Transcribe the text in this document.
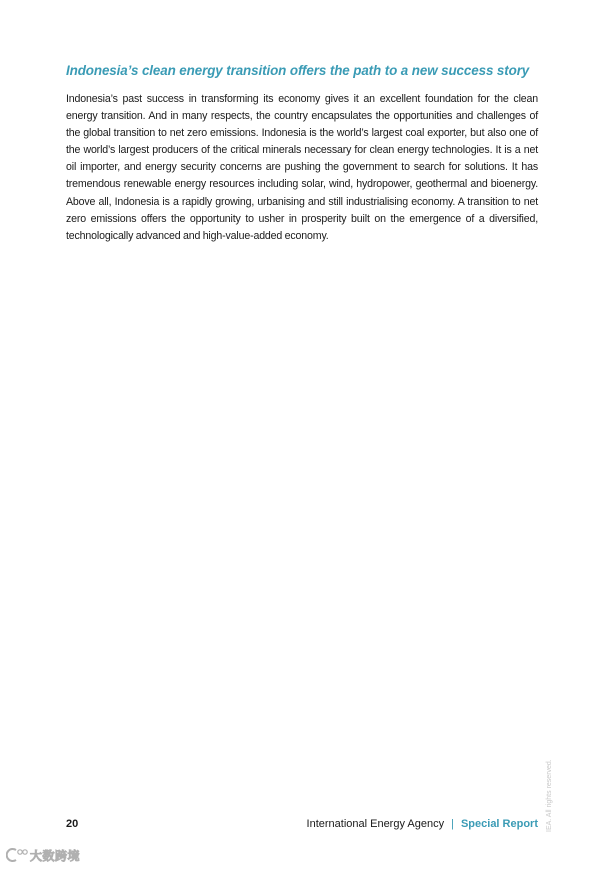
Indonesia’s clean energy transition offers the path to a new success story

Indonesia’s past success in transforming its economy gives it an excellent foundation for the clean energy transition. And in many respects, the country encapsulates the opportunities and challenges of the global transition to net zero emissions. Indonesia is the world’s largest coal exporter, but also one of the world’s largest producers of the critical minerals necessary for clean energy technologies. It is a net oil importer, and energy security concerns are pushing the government to search for solutions. It has tremendous renewable energy resources including solar, wind, hydropower, geothermal and bioenergy. Above all, Indonesia is a rapidly growing, urbanising and still industrialising economy. A transition to net zero emissions offers the opportunity to usher in prosperity built on the emergence of a diversified, technologically advanced and high-value-added economy.

20	International Energy Agency | Special Report IEA. All rights reserved.
大数跨境
